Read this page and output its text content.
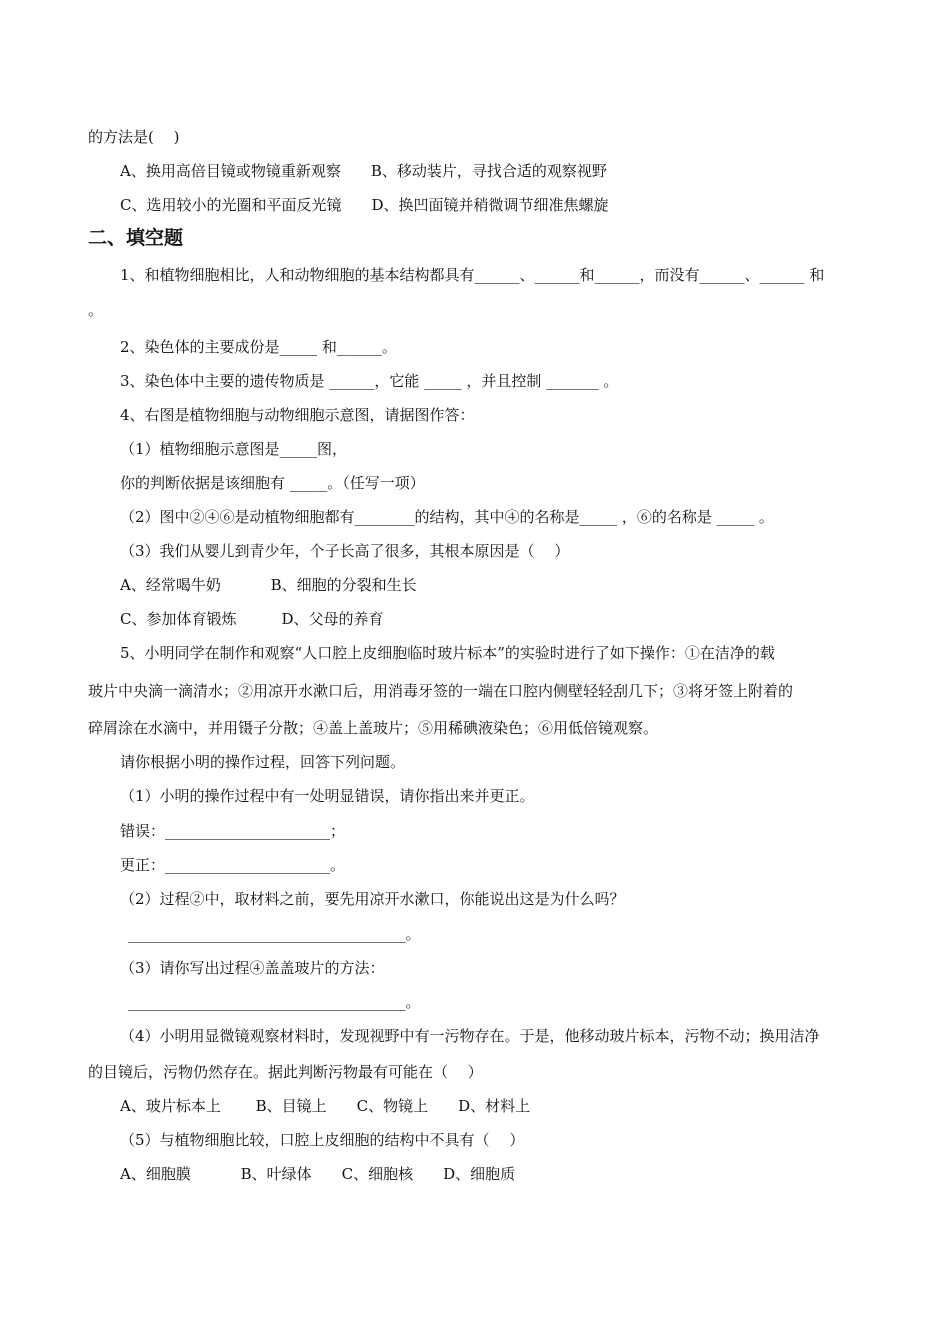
的方法是(　 )
A、换用高倍目镜或物镜重新观察　　B、移动装片，寻找合适的观察视野
C、选用较小的光圈和平面反光镜　　D、换凹面镜并稍微调节细准焦螺旋
二、填空题
1、和植物细胞相比，人和动物细胞的基本结构都具有______、______和______，而没有______、______ 和
。
2、染色体的主要成份是_____ 和______。
3、染色体中主要的遗传物质是 ______，它能 _____ ，并且控制 _______ 。
4、右图是植物细胞与动物细胞示意图，请据图作答：
（1）植物细胞示意图是_____图，
你的判断依据是该细胞有 _____。（任写一项）
（2）图中②④⑥是动植物细胞都有________的结构，其中④的名称是_____ ，⑥的名称是 _____ 。
（3）我们从婴儿到青少年，个子长高了很多，其根本原因是（　 ）
A、经常喝牛奶　　　 B、细胞的分裂和生长
C、参加体育锻炼　　　D、父母的养育
5、小明同学在制作和观察“人口腔上皮细胞临时玻片标本”的实验时进行了如下操作：①在洁净的载
玻片中央滴一滴清水；②用凉开水漱口后，用消毒牙签的一端在口腔内侧壁轻轻刮几下；③将牙签上附着的
碎屑涂在水滴中，并用镊子分散；④盖上盖玻片；⑤用稀碘液染色；⑥用低倍镜观察。
请你根据小明的操作过程，回答下列问题。
（1）小明的操作过程中有一处明显错误，请你指出来并更正。
错误：______________________；
更正：______________________。
（2）过程②中，取材料之前，要先用凉开水漱口，你能说出这是为什么吗？
_____________________________________。
（3）请你写出过程④盖盖玻片的方法：
_____________________________________。
（4）小明用显微镜观察材料时，发现视野中有一污物存在。于是，他移动玻片标本，污物不动；换用洁净
的目镜后，污物仍然存在。据此判断污物最有可能在（　 ）
A、玻片标本上　　 B、目镜上　　C、物镜上　　D、材料上
（5）与植物细胞比较，口腔上皮细胞的结构中不具有（　 ）
A、细胞膜　　　 B、叶绿体　　C、细胞核　　D、细胞质
